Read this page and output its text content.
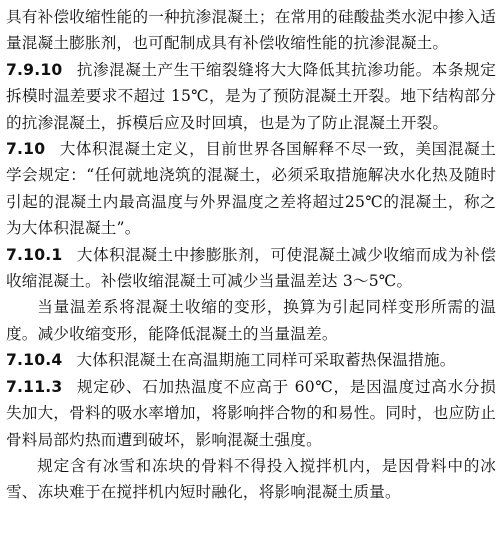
具有补偿收缩性能的一种抗渗混凝土；在常用的硅酸盐类水泥中掺入适量混凝土膨胀剂，也可配制成具有补偿收缩性能的抗渗混凝土。

7.9.10 抗渗混凝土产生干缩裂缝将大大降低其抗渗功能。本条规定拆模时温差要求不超过 15℃，是为了预防混凝土开裂。地下结构部分的抗渗混凝土，拆模后应及时回填，也是为了防止混凝土开裂。

7.10 大体积混凝土定义，目前世界各国解释不尽一致，美国混凝土学会规定：“任何就地浇筑的混凝土，必须采取措施解决水化热及随时引起的混凝土内最高温度与外界温度之差将超过25℃的混凝土，称之为大体积混凝土”。

7.10.1 大体积混凝土中掺膨胀剂，可使混凝土减少收缩而成为补偿收缩混凝土。补偿收缩混凝土可减少当量温差达 3～5℃。

当量温差系将混凝土收缩的变形，换算为引起同样变形所需的温度。减少收缩变形，能降低混凝土的当量温差。

7.10.4 大体积混凝土在高温期施工同样可采取蓄热保温措施。

7.11.3 规定砂、石加热温度不应高于 60℃，是因温度过高水分损失加大，骨料的吸水率增加，将影响拌合物的和易性。同时，也应防止骨料局部灼热而遭到破坏，影响混凝土强度。

规定含有冰雪和冻块的骨料不得投入搅拌机内，是因骨料中的冰雪、冻块难于在搅拌机内短时融化，将影响混凝土质量。
